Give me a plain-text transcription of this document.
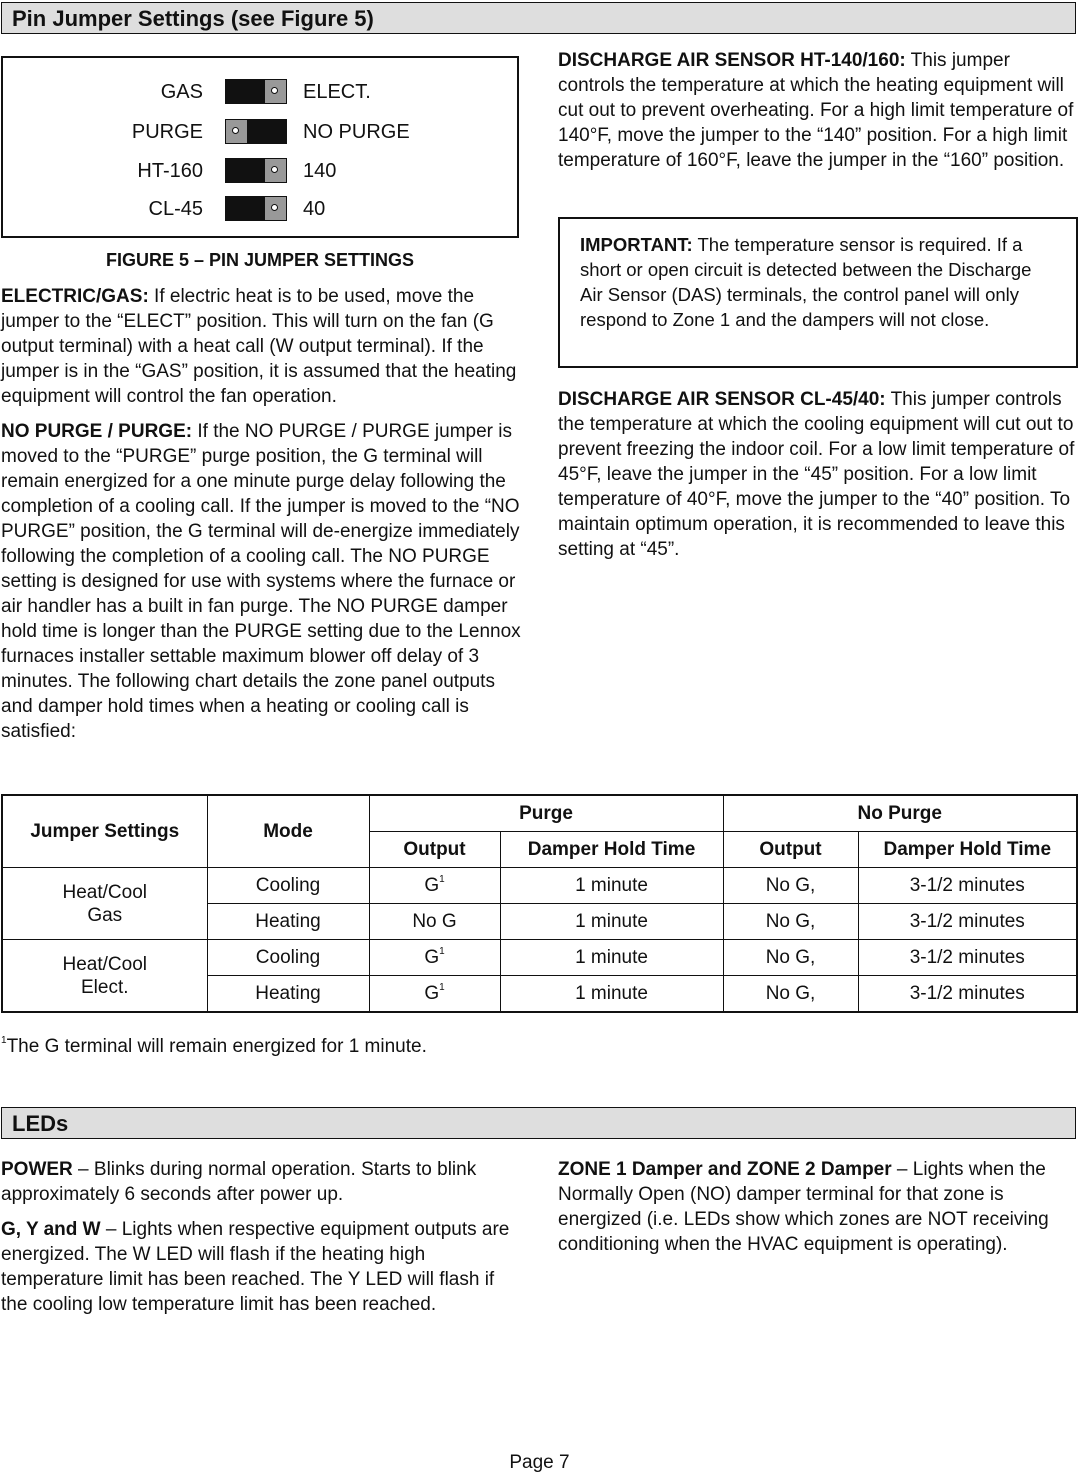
Pin Jumper Settings (see Figure 5)
GAS	ELECT.
PURGE	NO PURGE
HT-160	140
CL-45	40
FIGURE 5 – PIN JUMPER SETTINGS

ELECTRIC/GAS: If electric heat is to be used, move the jumper to the “ELECT” position. This will turn on the fan (G output terminal) with a heat call (W output terminal). If the jumper is in the “GAS” position, it is assumed that the heating equipment will control the fan operation.

NO PURGE / PURGE: If the NO PURGE / PURGE jumper is moved to the “PURGE” purge position, the G terminal will remain energized for a one minute purge delay following the completion of a cooling call. If the jumper is moved to the “NO PURGE” position, the G terminal will de-energize immediately following the completion of a cooling call. The NO PURGE setting is designed for use with systems where the furnace or air handler has a built in fan purge. The NO PURGE damper hold time is longer than the PURGE setting due to the Lennox furnaces installer settable maximum blower off delay of 3 minutes. The following chart details the zone panel outputs and damper hold times when a heating or cooling call is satisfied:

DISCHARGE AIR SENSOR HT-140/160: This jumper controls the temperature at which the heating equipment will cut out to prevent overheating. For a high limit temperature of 140°F, move the jumper to the “140” position. For a high limit temperature of 160°F, leave the jumper in the “160” position.

IMPORTANT: The temperature sensor is required. If a short or open circuit is detected between the Discharge Air Sensor (DAS) terminals, the control panel will only respond to Zone 1 and the dampers will not close.

DISCHARGE AIR SENSOR CL-45/40: This jumper controls the temperature at which the cooling equipment will cut out to prevent freezing the indoor coil. For a low limit temperature of 45°F, leave the jumper in the “45” position. For a low limit temperature of 40°F, move the jumper to the “40” position. To maintain optimum operation, it is recommended to leave this setting at “45”.

Jumper Settings	Mode	Purge		No Purge	
		Output	Damper Hold Time	Output	Damper Hold Time
Heat/Cool
Gas	Cooling	$G^1$	1 minute	No G,	3-1/2 minutes
	Heating	No G	1 minute	No G,	3-1/2 minutes
Heat/Cool
Elect.	Cooling	$G^1$	1 minute	No G,	3-1/2 minutes
	Heating	$G^1$	1 minute	No G,	3-1/2 minutes
$^1$The G terminal will remain energized for 1 minute.
LEDs

POWER – Blinks during normal operation. Starts to blink approximately 6 seconds after power up.

G, Y and W – Lights when respective equipment outputs are energized. The W LED will flash if the heating high temperature limit has been reached. The Y LED will flash if the cooling low temperature limit has been reached.

ZONE 1 Damper and ZONE 2 Damper – Lights when the Normally Open (NO) damper terminal for that zone is energized (i.e. LEDs show which zones are NOT receiving conditioning when the HVAC equipment is operating).

Page 7
